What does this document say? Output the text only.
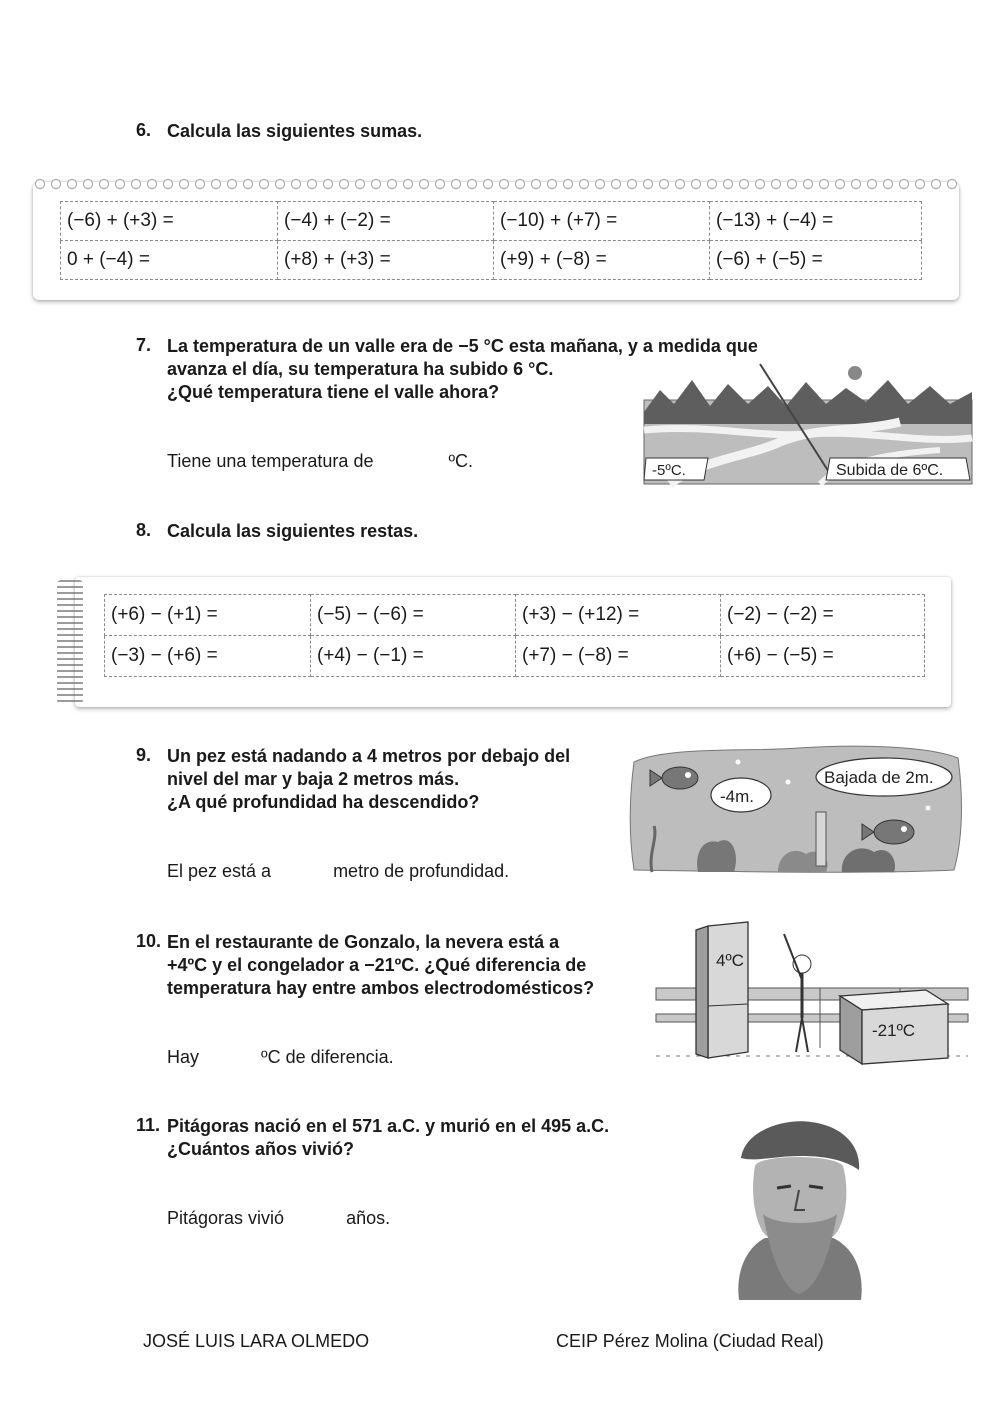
6. Calcula las siguientes sumas.
(−6) + (+3) =	(−4) + (−2) =	(−10) + (+7) =	(−13) + (−4) =
0 + (−4) =	(+8) + (+3) =	(+9) + (−8) =	(−6) + (−5) =
7. La temperatura de un valle era de −5 °C esta mañana, y a medida que
avanza el día, su temperatura ha subido 6 °C.
¿Qué temperatura tiene el valle ahora?
Tiene una temperatura de	ºC.	-5ºC.	Subida de 6ºC.
8. Calcula las siguientes restas.
(+6) − (+1) =	(−5) − (−6) =	(+3) − (+12) =	(−2) − (−2) =
(−3) − (+6) =	(+4) − (−1) =	(+7) − (−8) =	(+6) − (−5) =
9. Un pez está nadando a 4 metros por debajo del
nivel del mar y baja 2 metros más.
¿A qué profundidad ha descendido?
El pez está a	metro de profundidad.
-4m.
Bajada de 2m.
10. En el restaurante de Gonzalo, la nevera está a
+4ºC y el congelador a −21ºC. ¿Qué diferencia de
temperatura hay entre ambos electrodomésticos?
Hay	ºC de diferencia.
4ºC
-21ºC
11. Pitágoras nació en el 571 a.C. y murió en el 495 a.C.
¿Cuántos años vivió?
Pitágoras vivió	años.
JOSÉ LUIS LARA OLMEDO	CEIP Pérez Molina (Ciudad Real)
